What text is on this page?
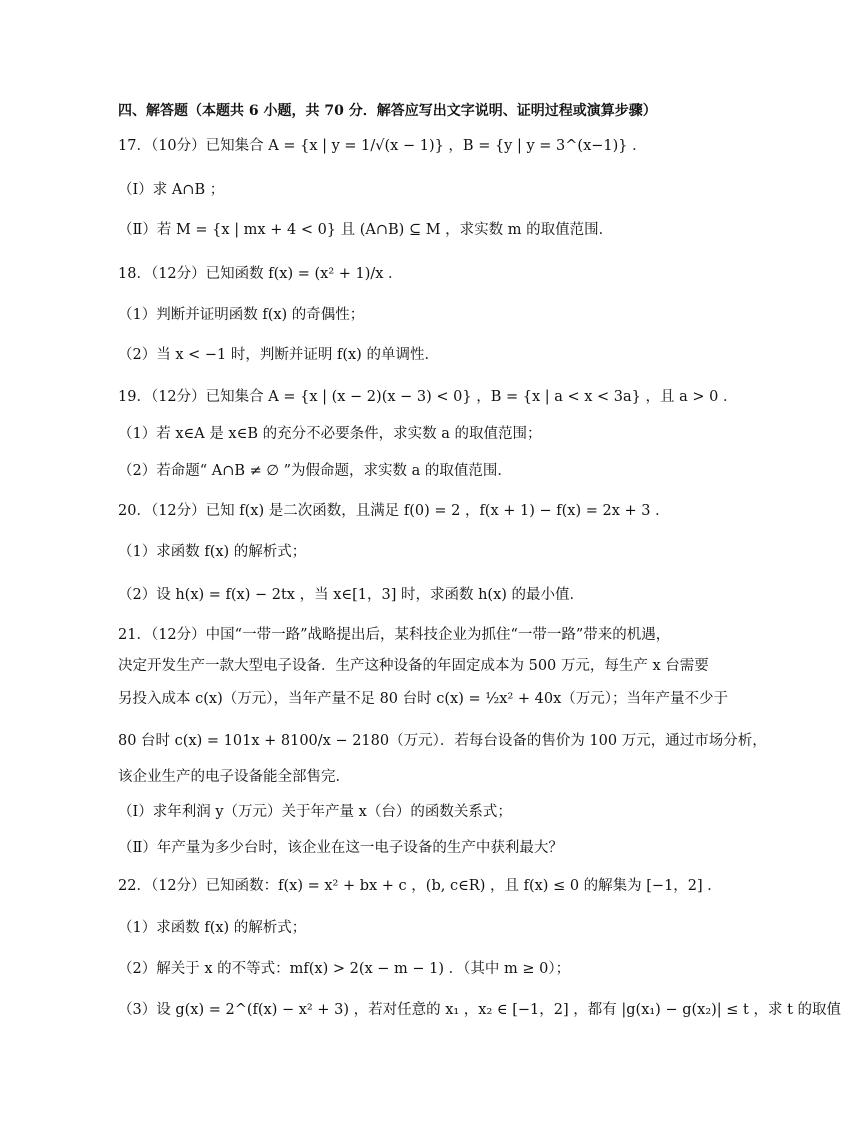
四、解答题（本题共 6 小题，共 70 分．解答应写出文字说明、证明过程或演算步骤）
17．（10分）已知集合 A = {x | y = 1/√(x − 1)} ，B = {y | y = 3^(x−1)} ．
（Ⅰ）求 A∩B ；
（Ⅱ）若 M = {x | mx + 4 < 0} 且 (A∩B) ⊆ M ，求实数 m 的取值范围．
18．（12分）已知函数 f(x) = (x² + 1)/x ．
（1）判断并证明函数 f(x) 的奇偶性；
（2）当 x < −1 时，判断并证明 f(x) 的单调性．
19．（12分）已知集合 A = {x | (x − 2)(x − 3) < 0} ，B = {x | a < x < 3a} ，且 a > 0 ．
（1）若 x∈A 是 x∈B 的充分不必要条件，求实数 a 的取值范围；
（2）若命题“ A∩B ≠ ∅ ”为假命题，求实数 a 的取值范围．
20．（12分）已知 f(x) 是二次函数，且满足 f(0) = 2 ，f(x + 1) − f(x) = 2x + 3 ．
（1）求函数 f(x) 的解析式；
（2）设 h(x) = f(x) − 2tx ，当 x∈[1，3] 时，求函数 h(x) 的最小值．
21．（12分）中国“一带一路”战略提出后，某科技企业为抓住“一带一路”带来的机遇，
决定开发生产一款大型电子设备．生产这种设备的年固定成本为 500 万元，每生产 x 台需要
另投入成本 c(x)（万元），当年产量不足 80 台时 c(x) = ½x² + 40x（万元）；当年产量不少于
80 台时 c(x) = 101x + 8100/x − 2180（万元）．若每台设备的售价为 100 万元，通过市场分析，
该企业生产的电子设备能全部售完．
（Ⅰ）求年利润 y（万元）关于年产量 x（台）的函数关系式；
（Ⅱ）年产量为多少台时，该企业在这一电子设备的生产中获利最大？
22．（12分）已知函数：f(x) = x² + bx + c ，(b, c∈R) ，且 f(x) ≤ 0 的解集为 [−1，2] ．
（1）求函数 f(x) 的解析式；
（2）解关于 x 的不等式：mf(x) > 2(x − m − 1) ．（其中 m ≥ 0）；
（3）设 g(x) = 2^(f(x) − x² + 3) ，若对任意的 x₁ ，x₂ ∈ [−1，2] ，都有 |g(x₁) − g(x₂)| ≤ t ，求 t 的取值
